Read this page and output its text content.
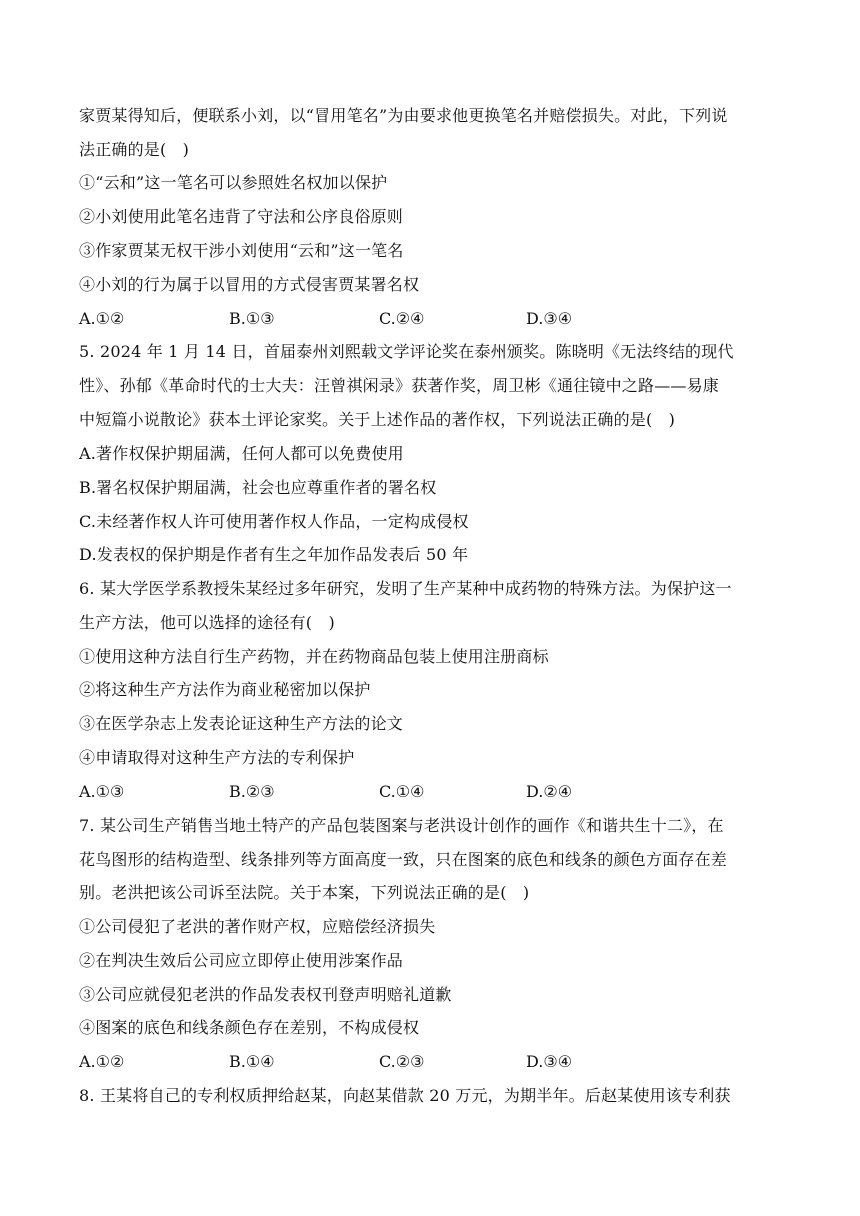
家贾某得知后，便联系小刘，以“冒用笔名”为由要求他更换笔名并赔偿损失。对此，下列说
法正确的是(　)
①“云和”这一笔名可以参照姓名权加以保护
②小刘使用此笔名违背了守法和公序良俗原则
③作家贾某无权干涉小刘使用“云和”这一笔名
④小刘的行为属于以冒用的方式侵害贾某署名权
A.①②	B.①③	C.②④	D.③④
5. 2024 年 1 月 14 日，首届泰州刘熙载文学评论奖在泰州颁奖。陈晓明《无法终结的现代
性》、孙郁《革命时代的士大夫：汪曾祺闲录》获著作奖，周卫彬《通往镜中之路——易康
中短篇小说散论》获本土评论家奖。关于上述作品的著作权，下列说法正确的是(　)
A.著作权保护期届满，任何人都可以免费使用
B.署名权保护期届满，社会也应尊重作者的署名权
C.未经著作权人许可使用著作权人作品，一定构成侵权
D.发表权的保护期是作者有生之年加作品发表后 50 年
6. 某大学医学系教授朱某经过多年研究，发明了生产某种中成药物的特殊方法。为保护这一
生产方法，他可以选择的途径有(　)
①使用这种方法自行生产药物，并在药物商品包装上使用注册商标
②将这种生产方法作为商业秘密加以保护
③在医学杂志上发表论证这种生产方法的论文
④申请取得对这种生产方法的专利保护
A.①③	B.②③	C.①④	D.②④
7. 某公司生产销售当地土特产的产品包装图案与老洪设计创作的画作《和谐共生十二》，在
花鸟图形的结构造型、线条排列等方面高度一致，只在图案的底色和线条的颜色方面存在差
别。老洪把该公司诉至法院。关于本案，下列说法正确的是(　)
①公司侵犯了老洪的著作财产权，应赔偿经济损失
②在判决生效后公司应立即停止使用涉案作品
③公司应就侵犯老洪的作品发表权刊登声明赔礼道歉
④图案的底色和线条颜色存在差别，不构成侵权
A.①②	B.①④	C.②③	D.③④
8. 王某将自己的专利权质押给赵某，向赵某借款 20 万元，为期半年。后赵某使用该专利获
